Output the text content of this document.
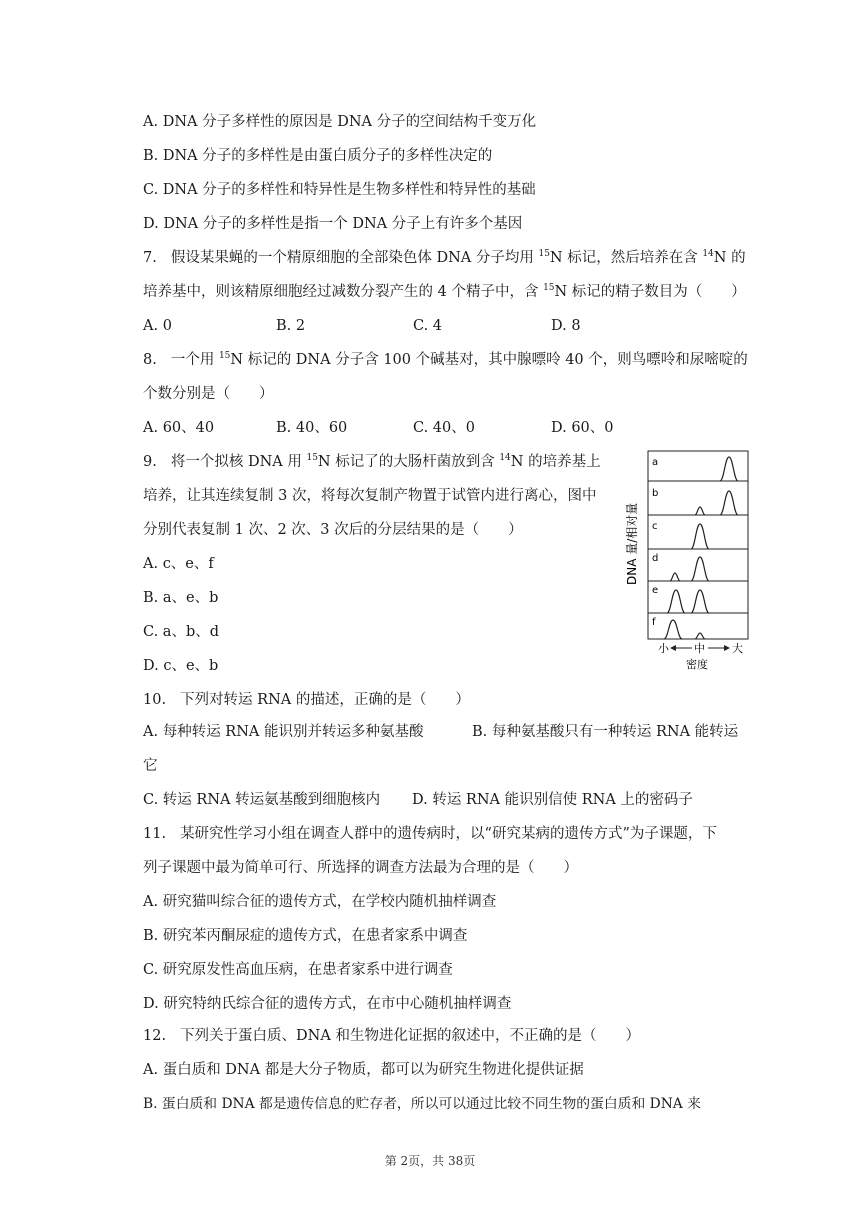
A. DNA 分子多样性的原因是 DNA 分子的空间结构千变万化
B. DNA 分子的多样性是由蛋白质分子的多样性决定的
C. DNA 分子的多样性和特异性是生物多样性和特异性的基础
D. DNA 分子的多样性是指一个 DNA 分子上有许多个基因
7. 假设某果蝇的一个精原细胞的全部染色体 DNA 分子均用 $^{15}$N 标记，然后培养在含 $^{14}$N 的
培养基中，则该精原细胞经过减数分裂产生的 4 个精子中，含 $^{15}$N 标记的精子数目为（　　）
A. 0	B. 2	C. 4	D. 8
8. 一个用 $^{15}$N 标记的 DNA 分子含 100 个碱基对，其中腺嘌呤 40 个，则鸟嘌呤和尿嘧啶的
个数分别是（　　）
A. 60、40	B. 40、60	C. 40、0	D. 60、0
9. 将一个拟核 DNA 用 $^{15}$N 标记了的大肠杆菌放到含 $^{14}$N 的培养基上
培养，让其连续复制 3 次，将每次复制产物置于试管内进行离心，图中
分别代表复制 1 次、2 次、3 次后的分层结果的是（　　）
A. c、e、f
B. a、e、b
C. a、b、d
D. c、e、b
DNA 量/相对量
a
b
c
d
e
f
小 中 大
密度
10. 下列对转运 RNA 的描述，正确的是（　　）
A. 每种转运 RNA 能识别并转运多种氨基酸	B. 每种氨基酸只有一种转运 RNA 能转运
它
C. 转运 RNA 转运氨基酸到细胞核内 D. 转运 RNA 能识别信使 RNA 上的密码子
11. 某研究性学习小组在调查人群中的遗传病时，以“研究某病的遗传方式”为子课题，下
列子课题中最为简单可行、所选择的调查方法最为合理的是（　　）
A. 研究猫叫综合征的遗传方式，在学校内随机抽样调查
B. 研究苯丙酮尿症的遗传方式，在患者家系中调查
C. 研究原发性高血压病，在患者家系中进行调查
D. 研究特纳氏综合征的遗传方式，在市中心随机抽样调查
12. 下列关于蛋白质、DNA 和生物进化证据的叙述中，不正确的是（　　）
A. 蛋白质和 DNA 都是大分子物质，都可以为研究生物进化提供证据
B. 蛋白质和 DNA 都是遗传信息的贮存者，所以可以通过比较不同生物的蛋白质和 DNA 来
第 2页，共 38页
